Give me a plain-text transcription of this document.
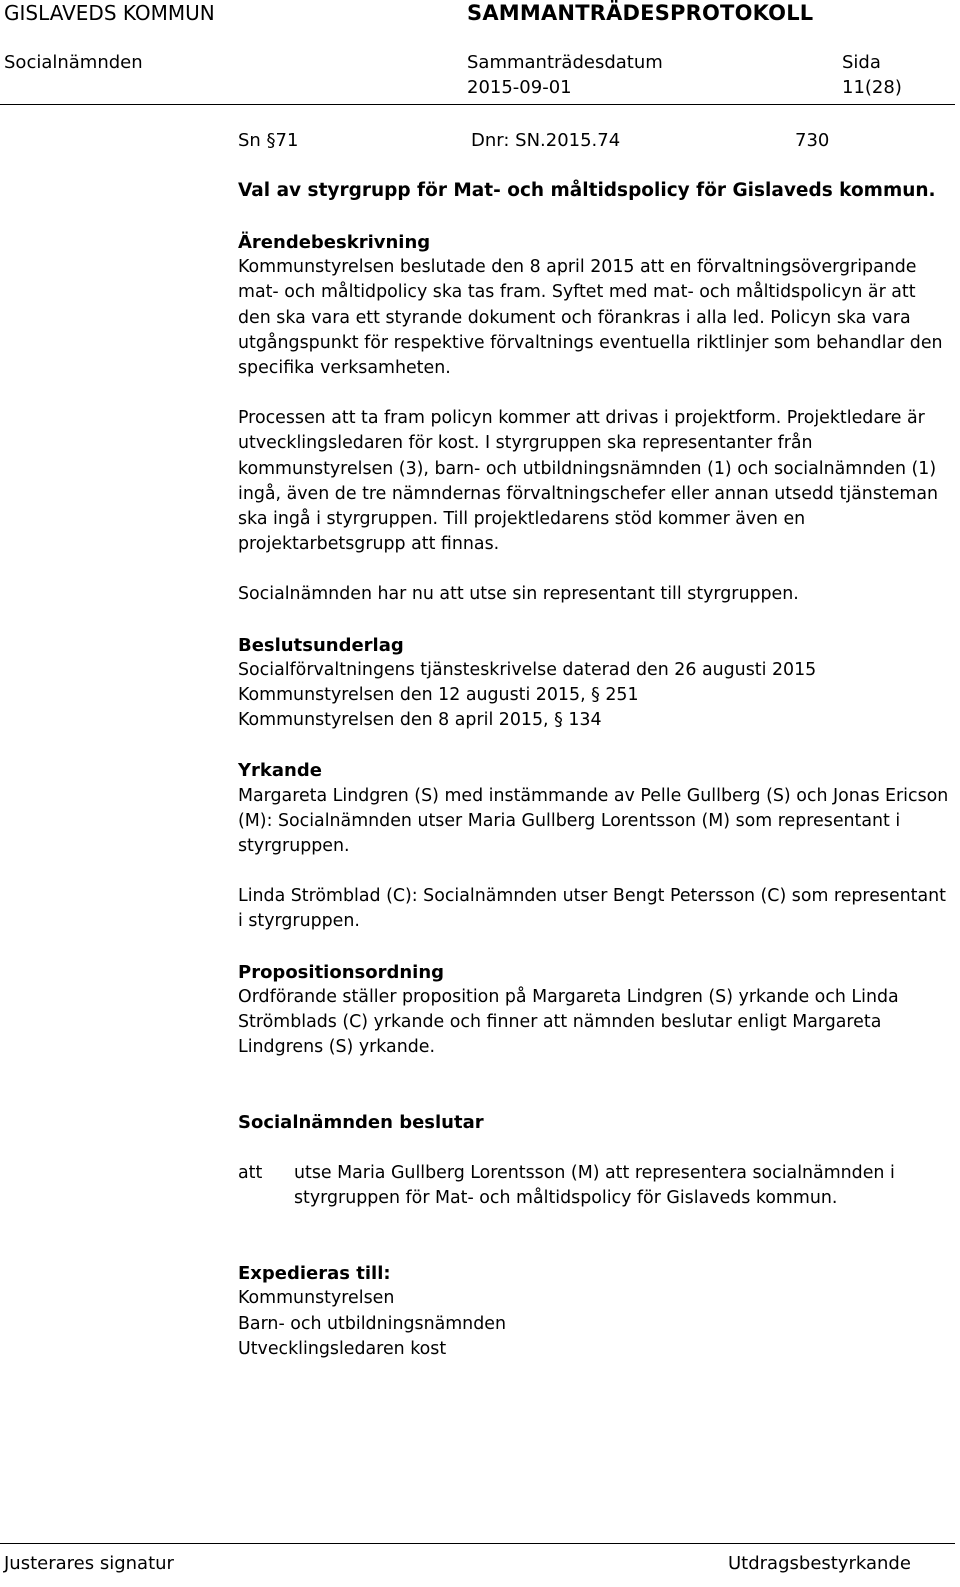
GISLAVEDS KOMMUN	SAMMANTRÄDESPROTOKOLL
Socialnämnden	Sammanträdesdatum	Sida
2015-09-01	11(28)
Sn §71	Dnr: SN.2015.74	730
Val av styrgrupp för Mat- och måltidspolicy för Gislaveds kommun.

Ärendebeskrivning

Kommunstyrelsen beslutade den 8 april 2015 att en förvaltningsövergripande mat- och måltidpolicy ska tas fram. Syftet med mat- och måltidspolicyn är att den ska vara ett styrande dokument och förankras i alla led. Policyn ska vara utgångspunkt för respektive förvaltnings eventuella riktlinjer som behandlar den specifika verksamheten.

Processen att ta fram policyn kommer att drivas i projektform. Projektledare är utvecklingsledaren för kost. I styrgruppen ska representanter från kommunstyrelsen (3), barn- och utbildningsnämnden (1) och socialnämnden (1) ingå, även de tre nämndernas förvaltningschefer eller annan utsedd tjänsteman ska ingå i styrgruppen. Till projektledarens stöd kommer även en projektarbetsgrupp att finnas.

Socialnämnden har nu att utse sin representant till styrgruppen.

Beslutsunderlag

Socialförvaltningens tjänsteskrivelse daterad den 26 augusti 2015

Kommunstyrelsen den 12 augusti 2015, § 251

Kommunstyrelsen den 8 april 2015, § 134

Yrkande

Margareta Lindgren (S) med instämmande av Pelle Gullberg (S) och Jonas Ericson (M): Socialnämnden utser Maria Gullberg Lorentsson (M) som representant i styrgruppen.

Linda Strömblad (C): Socialnämnden utser Bengt Petersson (C) som representant i styrgruppen.

Propositionsordning

Ordförande ställer proposition på Margareta Lindgren (S) yrkande och Linda Strömblads (C) yrkande och finner att nämnden beslutar enligt Margareta Lindgrens (S) yrkande.

Socialnämnden beslutar

att	utse Maria Gullberg Lorentsson (M) att representera socialnämnden i styrgruppen för Mat- och måltidspolicy för Gislaveds kommun.

Expedieras till:

Kommunstyrelsen

Barn- och utbildningsnämnden

Utvecklingsledaren kost

Justerares signatur	Utdragsbestyrkande
